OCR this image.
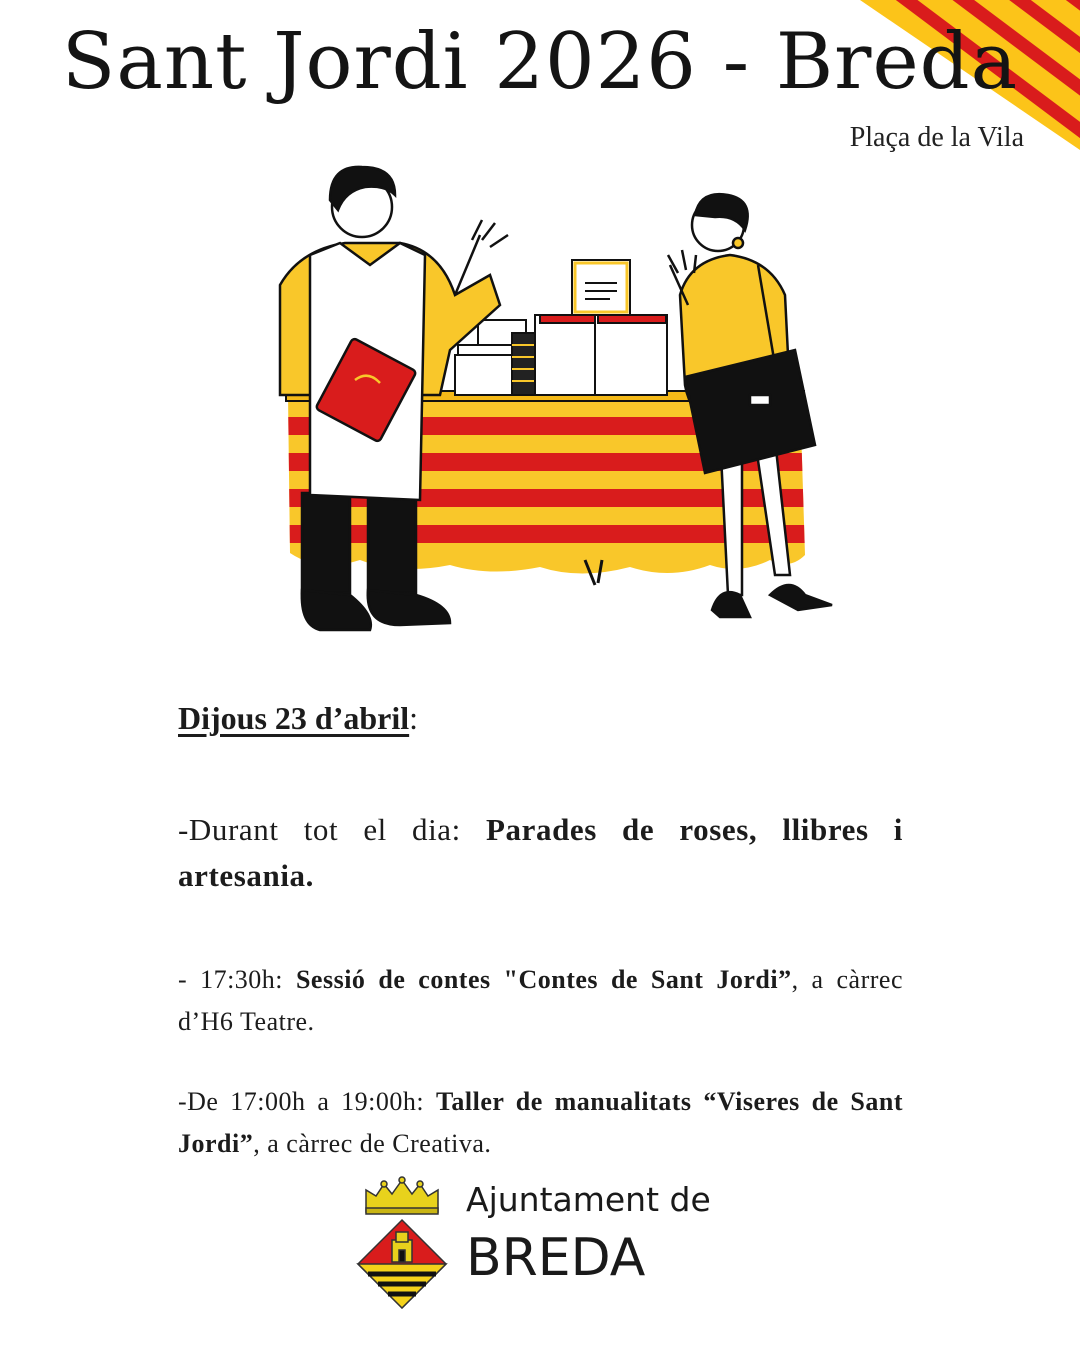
Sant Jordi 2026 - Breda
Plaça de la Vila

Dijous 23 d’abril:

-Durant tot el dia: Parades de roses, llibres i artesania.

- 17:30h: Sessió de contes "Contes de Sant Jordi”, a càrrec d’H6 Teatre.

-De 17:00h a 19:00h: Taller de manualitats “Viseres de Sant Jordi”, a càrrec de Creativa.

Ajuntament de
BREDA
